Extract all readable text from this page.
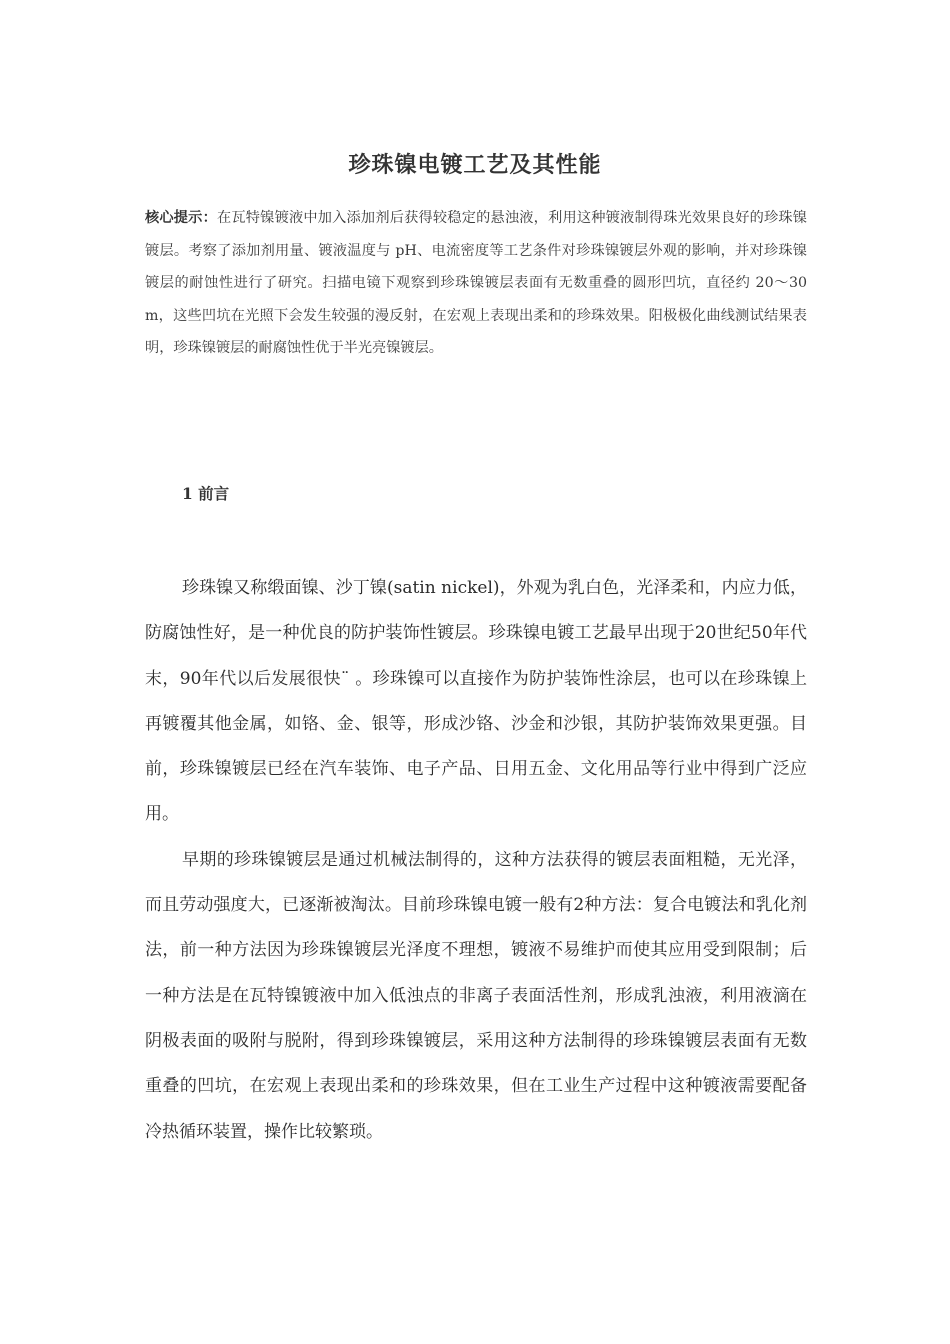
珍珠镍电镀工艺及其性能

核心提示：在瓦特镍镀液中加入添加剂后获得较稳定的悬浊液，利用这种镀液制得珠光效果良好的珍珠镍镀层。考察了添加剂用量、镀液温度与 pH、电流密度等工艺条件对珍珠镍镀层外观的影响，并对珍珠镍镀层的耐蚀性进行了研究。扫描电镜下观察到珍珠镍镀层表面有无数重叠的圆形凹坑，直径约 20～30 m，这些凹坑在光照下会发生较强的漫反射，在宏观上表现出柔和的珍珠效果。阳极极化曲线测试结果表明，珍珠镍镀层的耐腐蚀性优于半光亮镍镀层。

1 前言

珍珠镍又称缎面镍、沙丁镍(satin nickel)，外观为乳白色，光泽柔和，内应力低，防腐蚀性好，是一种优良的防护装饰性镀层。珍珠镍电镀工艺最早出现于20世纪50年代末，90年代以后发展很快¨ 。珍珠镍可以直接作为防护装饰性涂层，也可以在珍珠镍上再镀覆其他金属，如铬、金、银等，形成沙铬、沙金和沙银，其防护装饰效果更强。目前，珍珠镍镀层已经在汽车装饰、电子产品、日用五金、文化用品等行业中得到广泛应用。

早期的珍珠镍镀层是通过机械法制得的，这种方法获得的镀层表面粗糙，无光泽，而且劳动强度大，已逐渐被淘汰。目前珍珠镍电镀一般有2种方法：复合电镀法和乳化剂法，前一种方法因为珍珠镍镀层光泽度不理想，镀液不易维护而使其应用受到限制；后一种方法是在瓦特镍镀液中加入低浊点的非离子表面活性剂，形成乳浊液，利用液滴在阴极表面的吸附与脱附，得到珍珠镍镀层，采用这种方法制得的珍珠镍镀层表面有无数重叠的凹坑，在宏观上表现出柔和的珍珠效果，但在工业生产过程中这种镀液需要配备冷热循环装置，操作比较繁琐。
